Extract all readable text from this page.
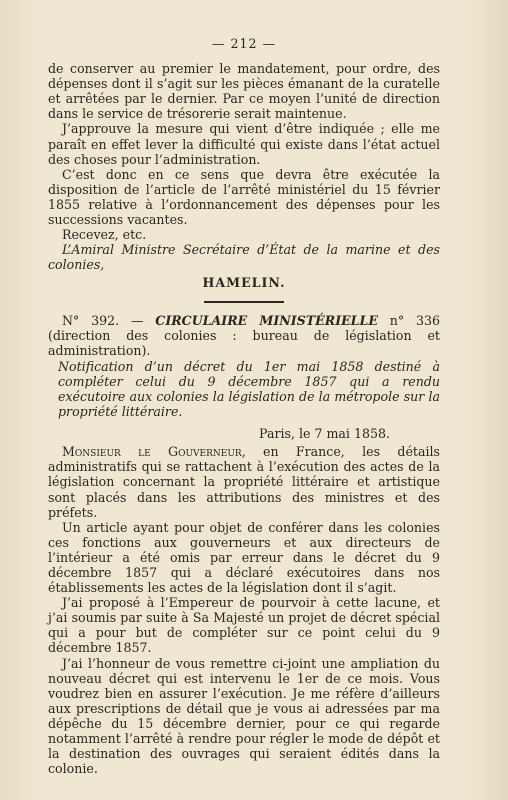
— 212 —

de conserver au premier le mandatement, pour ordre, des dépenses dont il s’agit sur les pièces émanant de la curatelle et arrêtées par le dernier. Par ce moyen l’unité de direction dans le service de trésorerie serait maintenue.

J’approuve la mesure qui vient d’être indiquée ; elle me paraît en effet lever la difficulté qui existe dans l’état actuel des choses pour l’administration.

C’est donc en ce sens que devra être exécutée la disposition de l’article de l’arrêté ministériel du 15 février 1855 relative à l’ordonnancement des dépenses pour les successions vacantes.

Recevez, etc.

L’Amiral Ministre Secrétaire d’État de la marine et des colonies,

HAMELIN.

N° 392. — CIRCULAIRE MINISTÉRIELLE n° 336 (direction des colonies : bureau de législation et administration).

Notification d’un décret du 1er mai 1858 destiné à compléter celui du 9 décembre 1857 qui a rendu exécutoire aux colonies la législation de la métropole sur la propriété littéraire.

Paris, le 7 mai 1858.

Monsieur le Gouverneur, en France, les détails administratifs qui se rattachent à l’exécution des actes de la législation concernant la propriété littéraire et artistique sont placés dans les attributions des ministres et des préfets.

Un article ayant pour objet de conférer dans les colonies ces fonctions aux gouverneurs et aux directeurs de l’intérieur a été omis par erreur dans le décret du 9 décembre 1857 qui a déclaré exécutoires dans nos établissements les actes de la législation dont il s’agit.

J’ai proposé à l’Empereur de pourvoir à cette lacune, et j’ai soumis par suite à Sa Majesté un projet de décret spécial qui a pour but de compléter sur ce point celui du 9 décembre 1857.

J’ai l’honneur de vous remettre ci-joint une ampliation du nouveau décret qui est intervenu le 1er de ce mois. Vous voudrez bien en assurer l’exécution. Je me réfère d’ailleurs aux prescriptions de détail que je vous ai adressées par ma dépêche du 15 décembre dernier, pour ce qui regarde notamment l’arrêté à rendre pour régler le mode de dépôt et la destination des ouvrages qui seraient édités dans la colonie.
